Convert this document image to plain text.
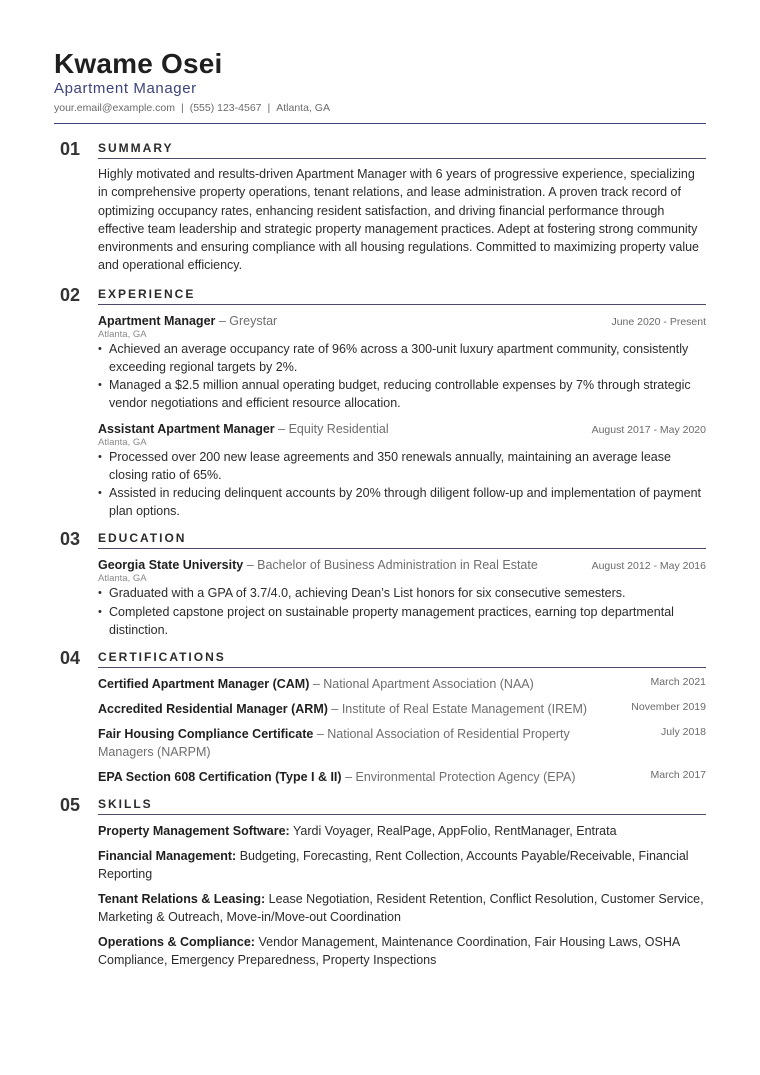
Kwame Osei
Apartment Manager
your.email@example.com | (555) 123-4567 | Atlanta, GA
01	SUMMARY

Highly motivated and results-driven Apartment Manager with 6 years of progressive experience, specializing in comprehensive property operations, tenant relations, and lease administration. A proven track record of optimizing occupancy rates, enhancing resident satisfaction, and driving financial performance through effective team leadership and strategic property management practices. Adept at fostering strong community environments and ensuring compliance with all housing regulations. Committed to maximizing property value and operational efficiency.

02	EXPERIENCE
Apartment Manager – Greystar	June 2020 - Present
Atlanta, GA
• Achieved an average occupancy rate of 96% across a 300-unit luxury apartment community, consistently exceeding regional targets by 2%.
• Managed a $2.5 million annual operating budget, reducing controllable expenses by 7% through strategic vendor negotiations and efficient resource allocation.
Assistant Apartment Manager – Equity Residential	August 2017 - May 2020
Atlanta, GA
• Processed over 200 new lease agreements and 350 renewals annually, maintaining an average lease closing ratio of 65%.
• Assisted in reducing delinquent accounts by 20% through diligent follow-up and implementation of payment plan options.
03	EDUCATION
Georgia State University – Bachelor of Business Administration in Real Estate	August 2012 - May 2016
Atlanta, GA
• Graduated with a GPA of 3.7/4.0, achieving Dean’s List honors for six consecutive semesters.
• Completed capstone project on sustainable property management practices, earning top departmental distinction.
04	CERTIFICATIONS
Certified Apartment Manager (CAM) – National Apartment Association (NAA)	March 2021
Accredited Residential Manager (ARM) – Institute of Real Estate Management (IREM)	November 2019
Fair Housing Compliance Certificate – National Association of Residential Property Managers (NARPM)
July 2018
EPA Section 608 Certification (Type I & II) – Environmental Protection Agency (EPA)	March 2017
05	SKILLS
Property Management Software: Yardi Voyager, RealPage, AppFolio, RentManager, Entrata
Financial Management: Budgeting, Forecasting, Rent Collection, Accounts Payable/Receivable, Financial Reporting
Tenant Relations & Leasing: Lease Negotiation, Resident Retention, Conflict Resolution, Customer Service, Marketing & Outreach, Move-in/Move-out Coordination
Operations & Compliance: Vendor Management, Maintenance Coordination, Fair Housing Laws, OSHA Compliance, Emergency Preparedness, Property Inspections
